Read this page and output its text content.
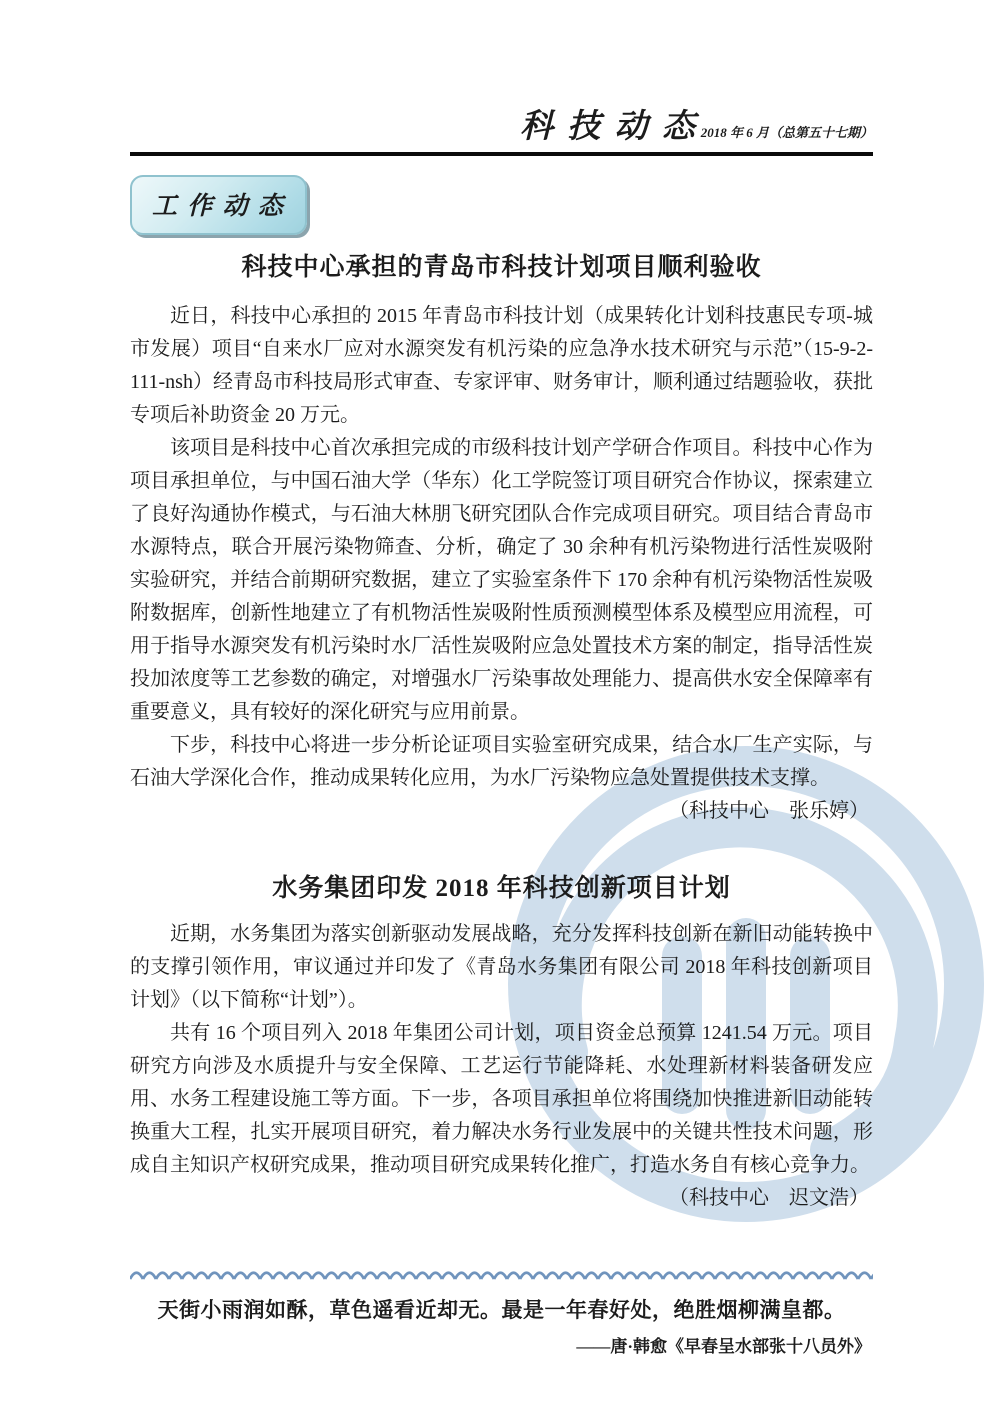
科 技 动 态 2018 年 6 月（总第五十七期）
工 作 动 态
科技中心承担的青岛市科技计划项目顺利验收

近日，科技中心承担的 2015 年青岛市科技计划（成果转化计划科技惠民专项-城市发展）项目“自来水厂应对水源突发有机污染的应急净水技术研究与示范”（15-9-2-111-nsh）经青岛市科技局形式审查、专家评审、财务审计，顺利通过结题验收，获批专项后补助资金 20 万元。

该项目是科技中心首次承担完成的市级科技计划产学研合作项目。科技中心作为项目承担单位，与中国石油大学（华东）化工学院签订项目研究合作协议，探索建立了良好沟通协作模式，与石油大林朋飞研究团队合作完成项目研究。项目结合青岛市水源特点，联合开展污染物筛查、分析，确定了 30 余种有机污染物进行活性炭吸附实验研究，并结合前期研究数据，建立了实验室条件下 170 余种有机污染物活性炭吸附数据库，创新性地建立了有机物活性炭吸附性质预测模型体系及模型应用流程，可用于指导水源突发有机污染时水厂活性炭吸附应急处置技术方案的制定，指导活性炭投加浓度等工艺参数的确定，对增强水厂污染事故处理能力、提高供水安全保障率有重要意义，具有较好的深化研究与应用前景。

下步，科技中心将进一步分析论证项目实验室研究成果，结合水厂生产实际，与石油大学深化合作，推动成果转化应用，为水厂污染物应急处置提供技术支撑。

（科技中心　张乐婷）
水务集团印发 2018 年科技创新项目计划

近期，水务集团为落实创新驱动发展战略，充分发挥科技创新在新旧动能转换中的支撑引领作用，审议通过并印发了《青岛水务集团有限公司 2018 年科技创新项目计划》（以下简称“计划”）。

共有 16 个项目列入 2018 年集团公司计划，项目资金总预算 1241.54 万元。项目研究方向涉及水质提升与安全保障、工艺运行节能降耗、水处理新材料装备研发应用、水务工程建设施工等方面。下一步，各项目承担单位将围绕加快推进新旧动能转换重大工程，扎实开展项目研究，着力解决水务行业发展中的关键共性技术问题，形成自主知识产权研究成果，推动项目研究成果转化推广，打造水务自有核心竞争力。

（科技中心　迟文浩）
天街小雨润如酥，草色遥看近却无。最是一年春好处，绝胜烟柳满皇都。
——唐·韩愈《早春呈水部张十八员外》
